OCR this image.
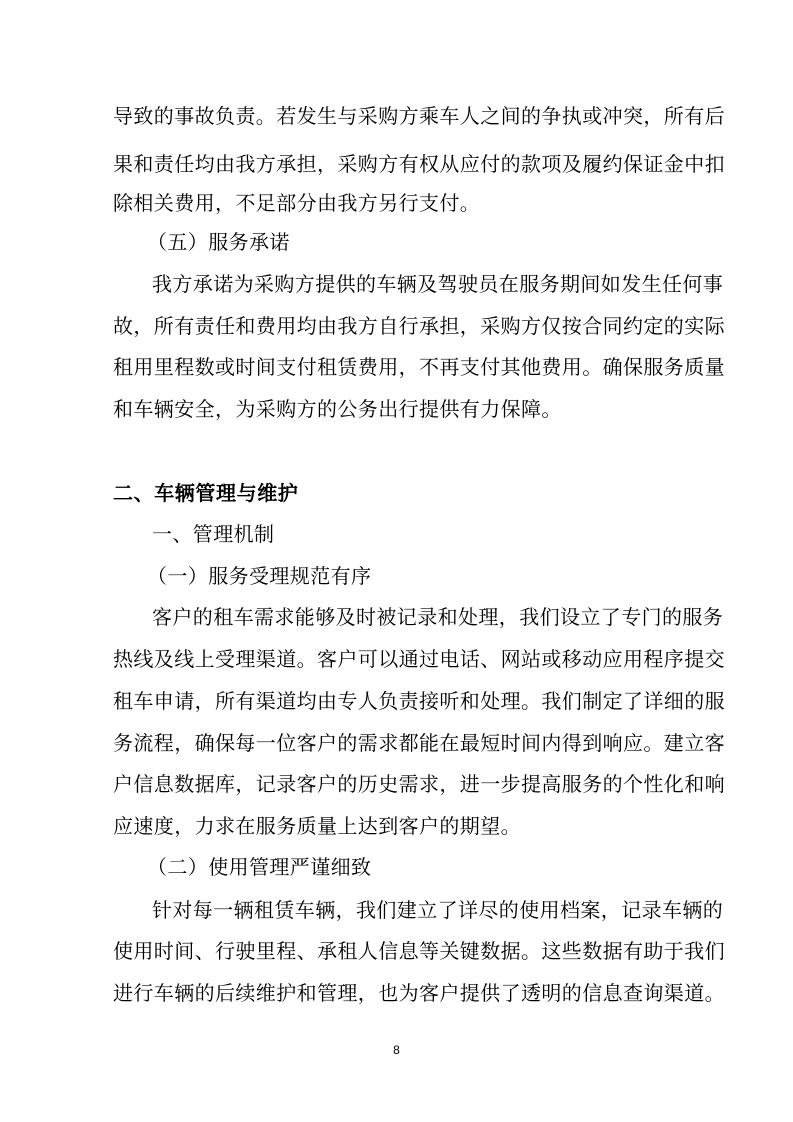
导致的事故负责。若发生与采购方乘车人之间的争执或冲突，所有后
果和责任均由我方承担，采购方有权从应付的款项及履约保证金中扣
除相关费用，不足部分由我方另行支付。
（五）服务承诺
我方承诺为采购方提供的车辆及驾驶员在服务期间如发生任何事
故，所有责任和费用均由我方自行承担，采购方仅按合同约定的实际
租用里程数或时间支付租赁费用，不再支付其他费用。确保服务质量
和车辆安全，为采购方的公务出行提供有力保障。
二、车辆管理与维护
一、管理机制
（一）服务受理规范有序
客户的租车需求能够及时被记录和处理，我们设立了专门的服务
热线及线上受理渠道。客户可以通过电话、网站或移动应用程序提交
租车申请，所有渠道均由专人负责接听和处理。我们制定了详细的服
务流程，确保每一位客户的需求都能在最短时间内得到响应。建立客
户信息数据库，记录客户的历史需求，进一步提高服务的个性化和响
应速度，力求在服务质量上达到客户的期望。
（二）使用管理严谨细致
针对每一辆租赁车辆，我们建立了详尽的使用档案，记录车辆的
使用时间、行驶里程、承租人信息等关键数据。这些数据有助于我们
进行车辆的后续维护和管理，也为客户提供了透明的信息查询渠道。
8
